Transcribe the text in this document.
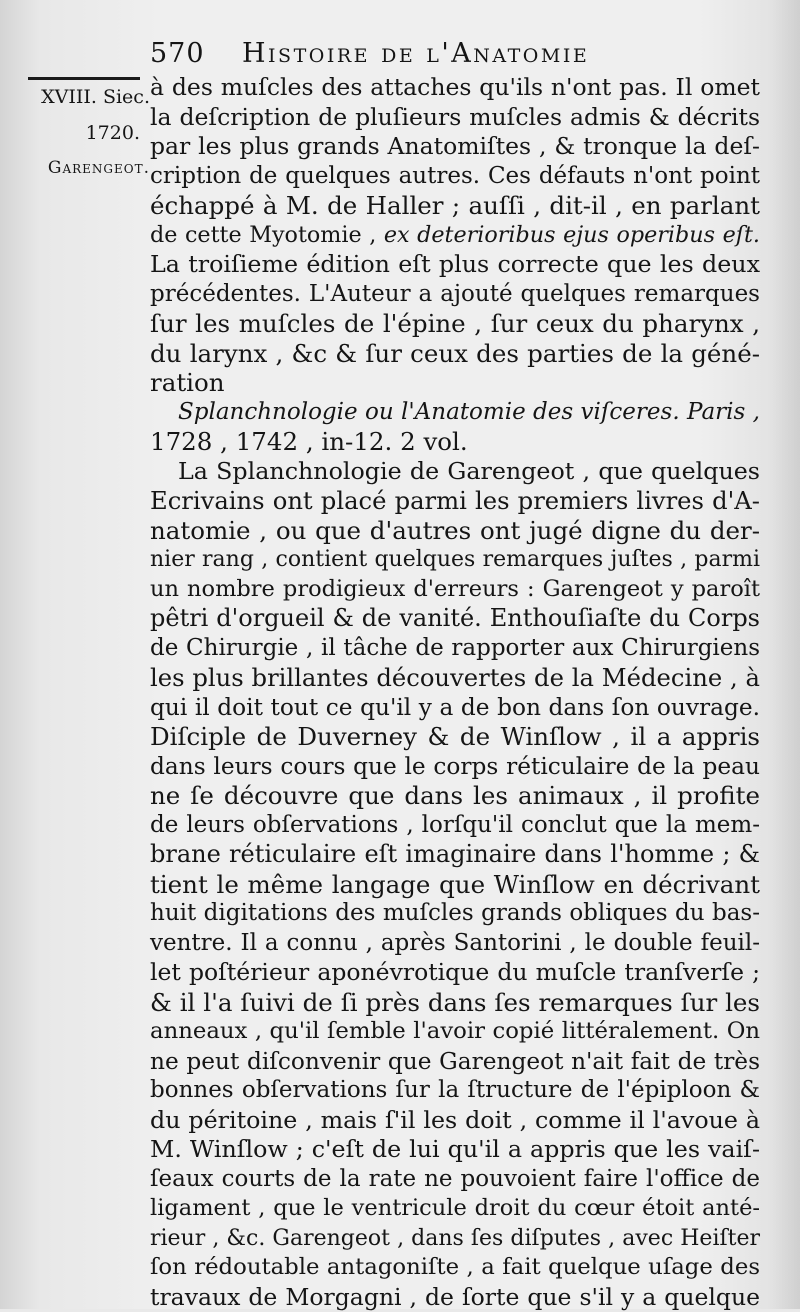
570 Histoire de l'Anatomie
XVIII. Siec.
1720.
Garengeot.
à des muſcles des attaches qu'ils n'ont pas. Il omet
la deſcription de pluſieurs muſcles admis & décrits
par les plus grands Anatomiſtes , & tronque la deſ-
cription de quelques autres. Ces défauts n'ont point
échappé à M. de Haller ; auſſi , dit-il , en parlant
de cette Myotomie , ex deterioribus ejus operibus eſt.
La troiſieme édition eſt plus correcte que les deux
précédentes. L'Auteur a ajouté quelques remarques
ſur les muſcles de l'épine , ſur ceux du pharynx ,
du larynx , &c & ſur ceux des parties de la géné-
ration
Splanchnologie ou l'Anatomie des viſceres. Paris ,
1728 , 1742 , in-12. 2 vol.
La Splanchnologie de Garengeot , que quelques
Ecrivains ont placé parmi les premiers livres d'A-
natomie , ou que d'autres ont jugé digne du der-
nier rang , contient quelques remarques juſtes , parmi
un nombre prodigieux d'erreurs : Garengeot y paroît
pêtri d'orgueil & de vanité. Enthouſiaſte du Corps
de Chirurgie , il tâche de rapporter aux Chirurgiens
les plus brillantes découvertes de la Médecine , à
qui il doit tout ce qu'il y a de bon dans ſon ouvrage.
Diſciple de Duverney & de Winſlow , il a appris
dans leurs cours que le corps réticulaire de la peau
ne ſe découvre que dans les animaux , il profite
de leurs obſervations , lorſqu'il conclut que la mem-
brane réticulaire eſt imaginaire dans l'homme ; &
tient le même langage que Winſlow en décrivant
huit digitations des muſcles grands obliques du bas-
ventre. Il a connu , après Santorini , le double feuil-
let poſtérieur aponévrotique du muſcle tranſverſe ;
& il l'a ſuivi de ſi près dans ſes remarques ſur les
anneaux , qu'il ſemble l'avoir copié littéralement. On
ne peut diſconvenir que Garengeot n'ait fait de très
bonnes obſervations ſur la ſtructure de l'épiploon &
du péritoine , mais ſ'il les doit , comme il l'avoue à
M. Winſlow ; c'eſt de lui qu'il a appris que les vaiſ-
ſeaux courts de la rate ne pouvoient faire l'office de
ligament , que le ventricule droit du cœur étoit anté-
rieur , &c. Garengeot , dans ſes diſputes , avec Heiſter
ſon rédoutable antagoniſte , a fait quelque uſage des
travaux de Morgagni , de ſorte que s'il y a quelque
